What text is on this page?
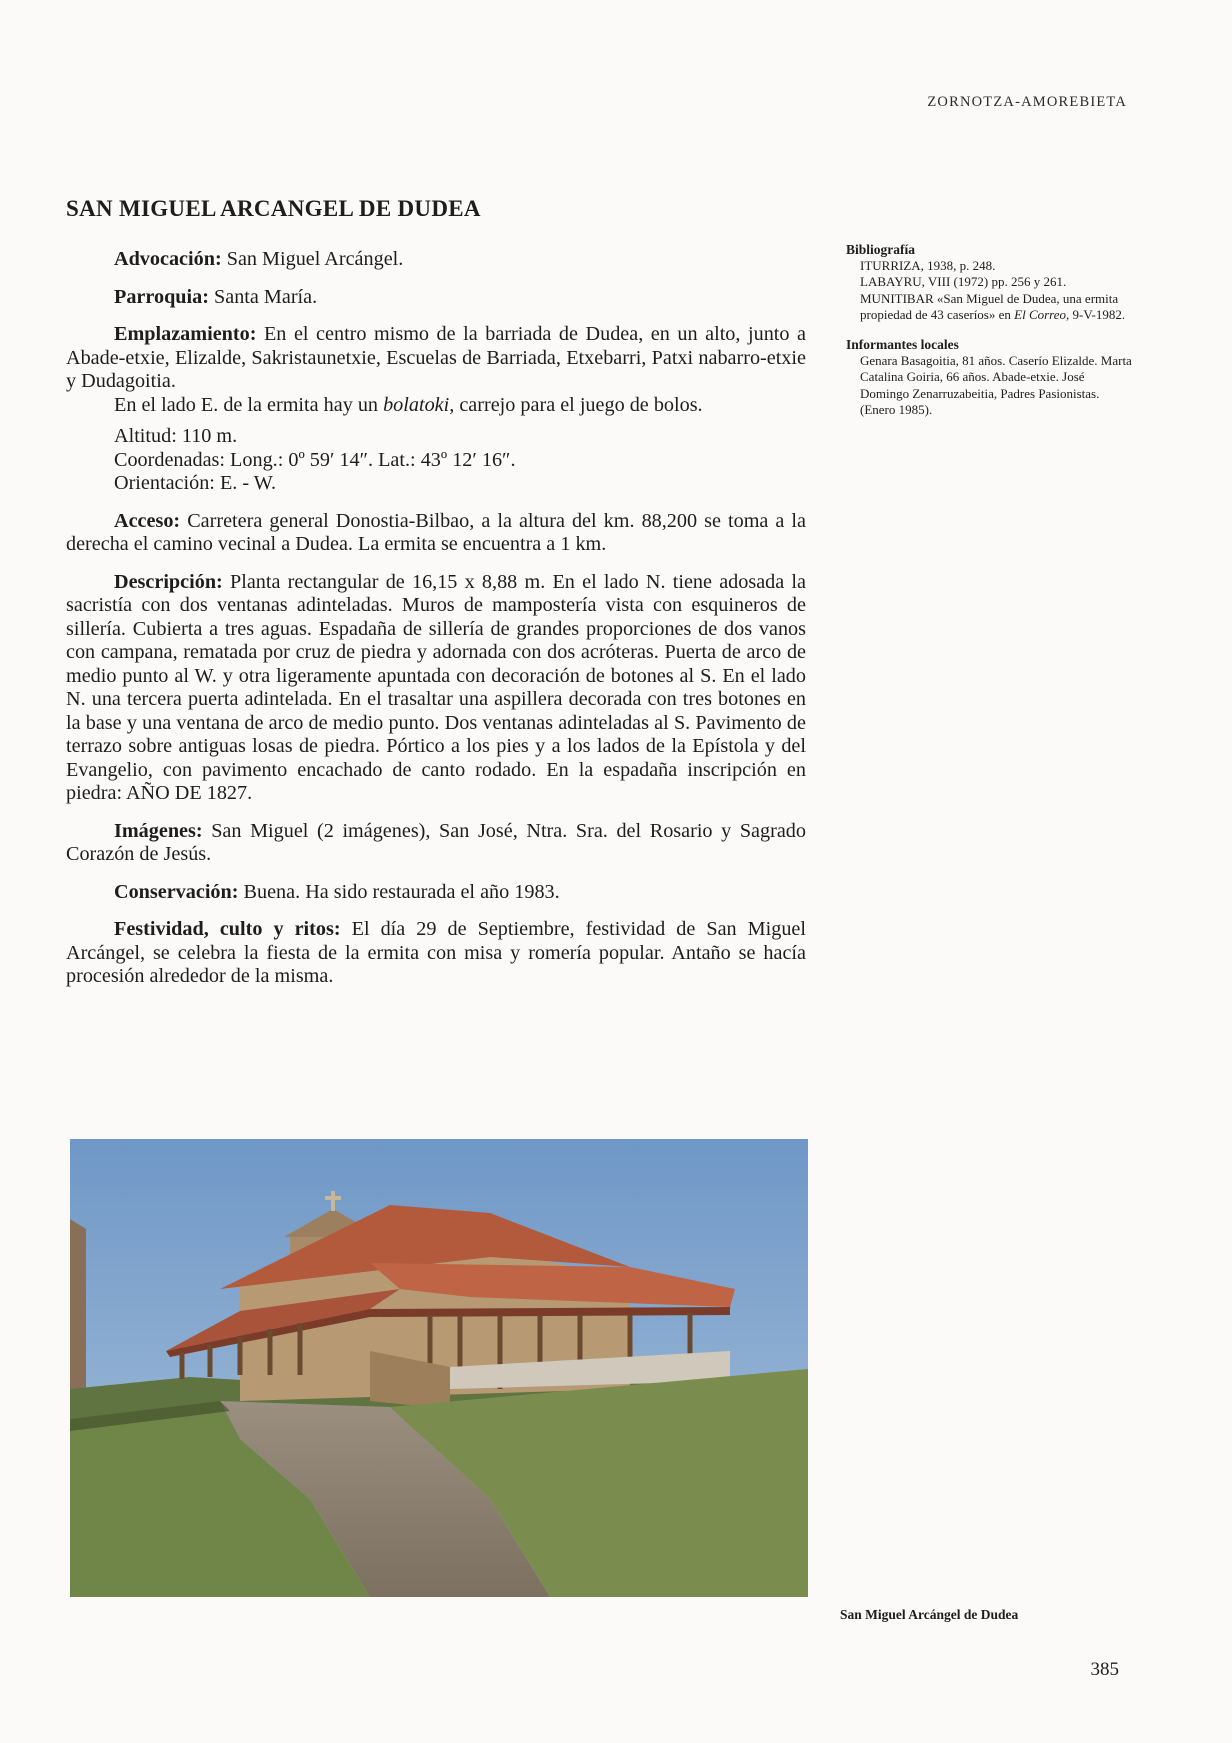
ZORNOTZA-AMOREBIETA
SAN MIGUEL ARCANGEL DE DUDEA

Advocación: San Miguel Arcángel.

Parroquia: Santa María.

Emplazamiento: En el centro mismo de la barriada de Dudea, en un alto, junto a Abade-etxie, Elizalde, Sakristaunetxie, Escuelas de Barriada, Etxebarri, Patxi nabarro-etxie y Dudagoitia.

En el lado E. de la ermita hay un bolatoki, carrejo para el juego de bolos.

Altitud: 110 m.
Coordenadas: Long.: 0º 59′ 14″. Lat.: 43º 12′ 16″.
Orientación: E. - W.

Acceso: Carretera general Donostia-Bilbao, a la altura del km. 88,200 se toma a la derecha el camino vecinal a Dudea. La ermita se encuentra a 1 km.

Descripción: Planta rectangular de 16,15 x 8,88 m. En el lado N. tiene adosada la sacristía con dos ventanas adinteladas. Muros de mampostería vista con esquineros de sillería. Cubierta a tres aguas. Espadaña de sillería de grandes proporciones de dos vanos con campana, rematada por cruz de piedra y adornada con dos acróteras. Puerta de arco de medio punto al W. y otra ligeramente apuntada con decoración de botones al S. En el lado N. una tercera puerta adintelada. En el trasaltar una aspillera decorada con tres botones en la base y una ventana de arco de medio punto. Dos ventanas adinteladas al S. Pavimento de terrazo sobre antiguas losas de piedra. Pórtico a los pies y a los lados de la Epístola y del Evangelio, con pavimento encachado de canto rodado. En la espadaña inscripción en piedra: AÑO DE 1827.

Imágenes: San Miguel (2 imágenes), San José, Ntra. Sra. del Rosario y Sagrado Corazón de Jesús.

Conservación: Buena. Ha sido restaurada el año 1983.

Festividad, culto y ritos: El día 29 de Septiembre, festividad de San Miguel Arcángel, se celebra la fiesta de la ermita con misa y romería popular. Antaño se hacía procesión alrededor de la misma.

Bibliografía
ITURRIZA, 1938, p. 248.
LABAYRU, VIII (1972) pp. 256 y 261.
MUNITIBAR «San Miguel de Dudea, una ermita propiedad de 43 caseríos» en El Correo, 9-V-1982.
Informantes locales
Genara Basagoitia, 81 años. Caserío Elizalde. Marta Catalina Goiria, 66 años. Abade-etxie. José Domingo Zenarruzabeitia, Padres Pasionistas. (Enero 1985).
San Miguel Arcángel de Dudea
385
